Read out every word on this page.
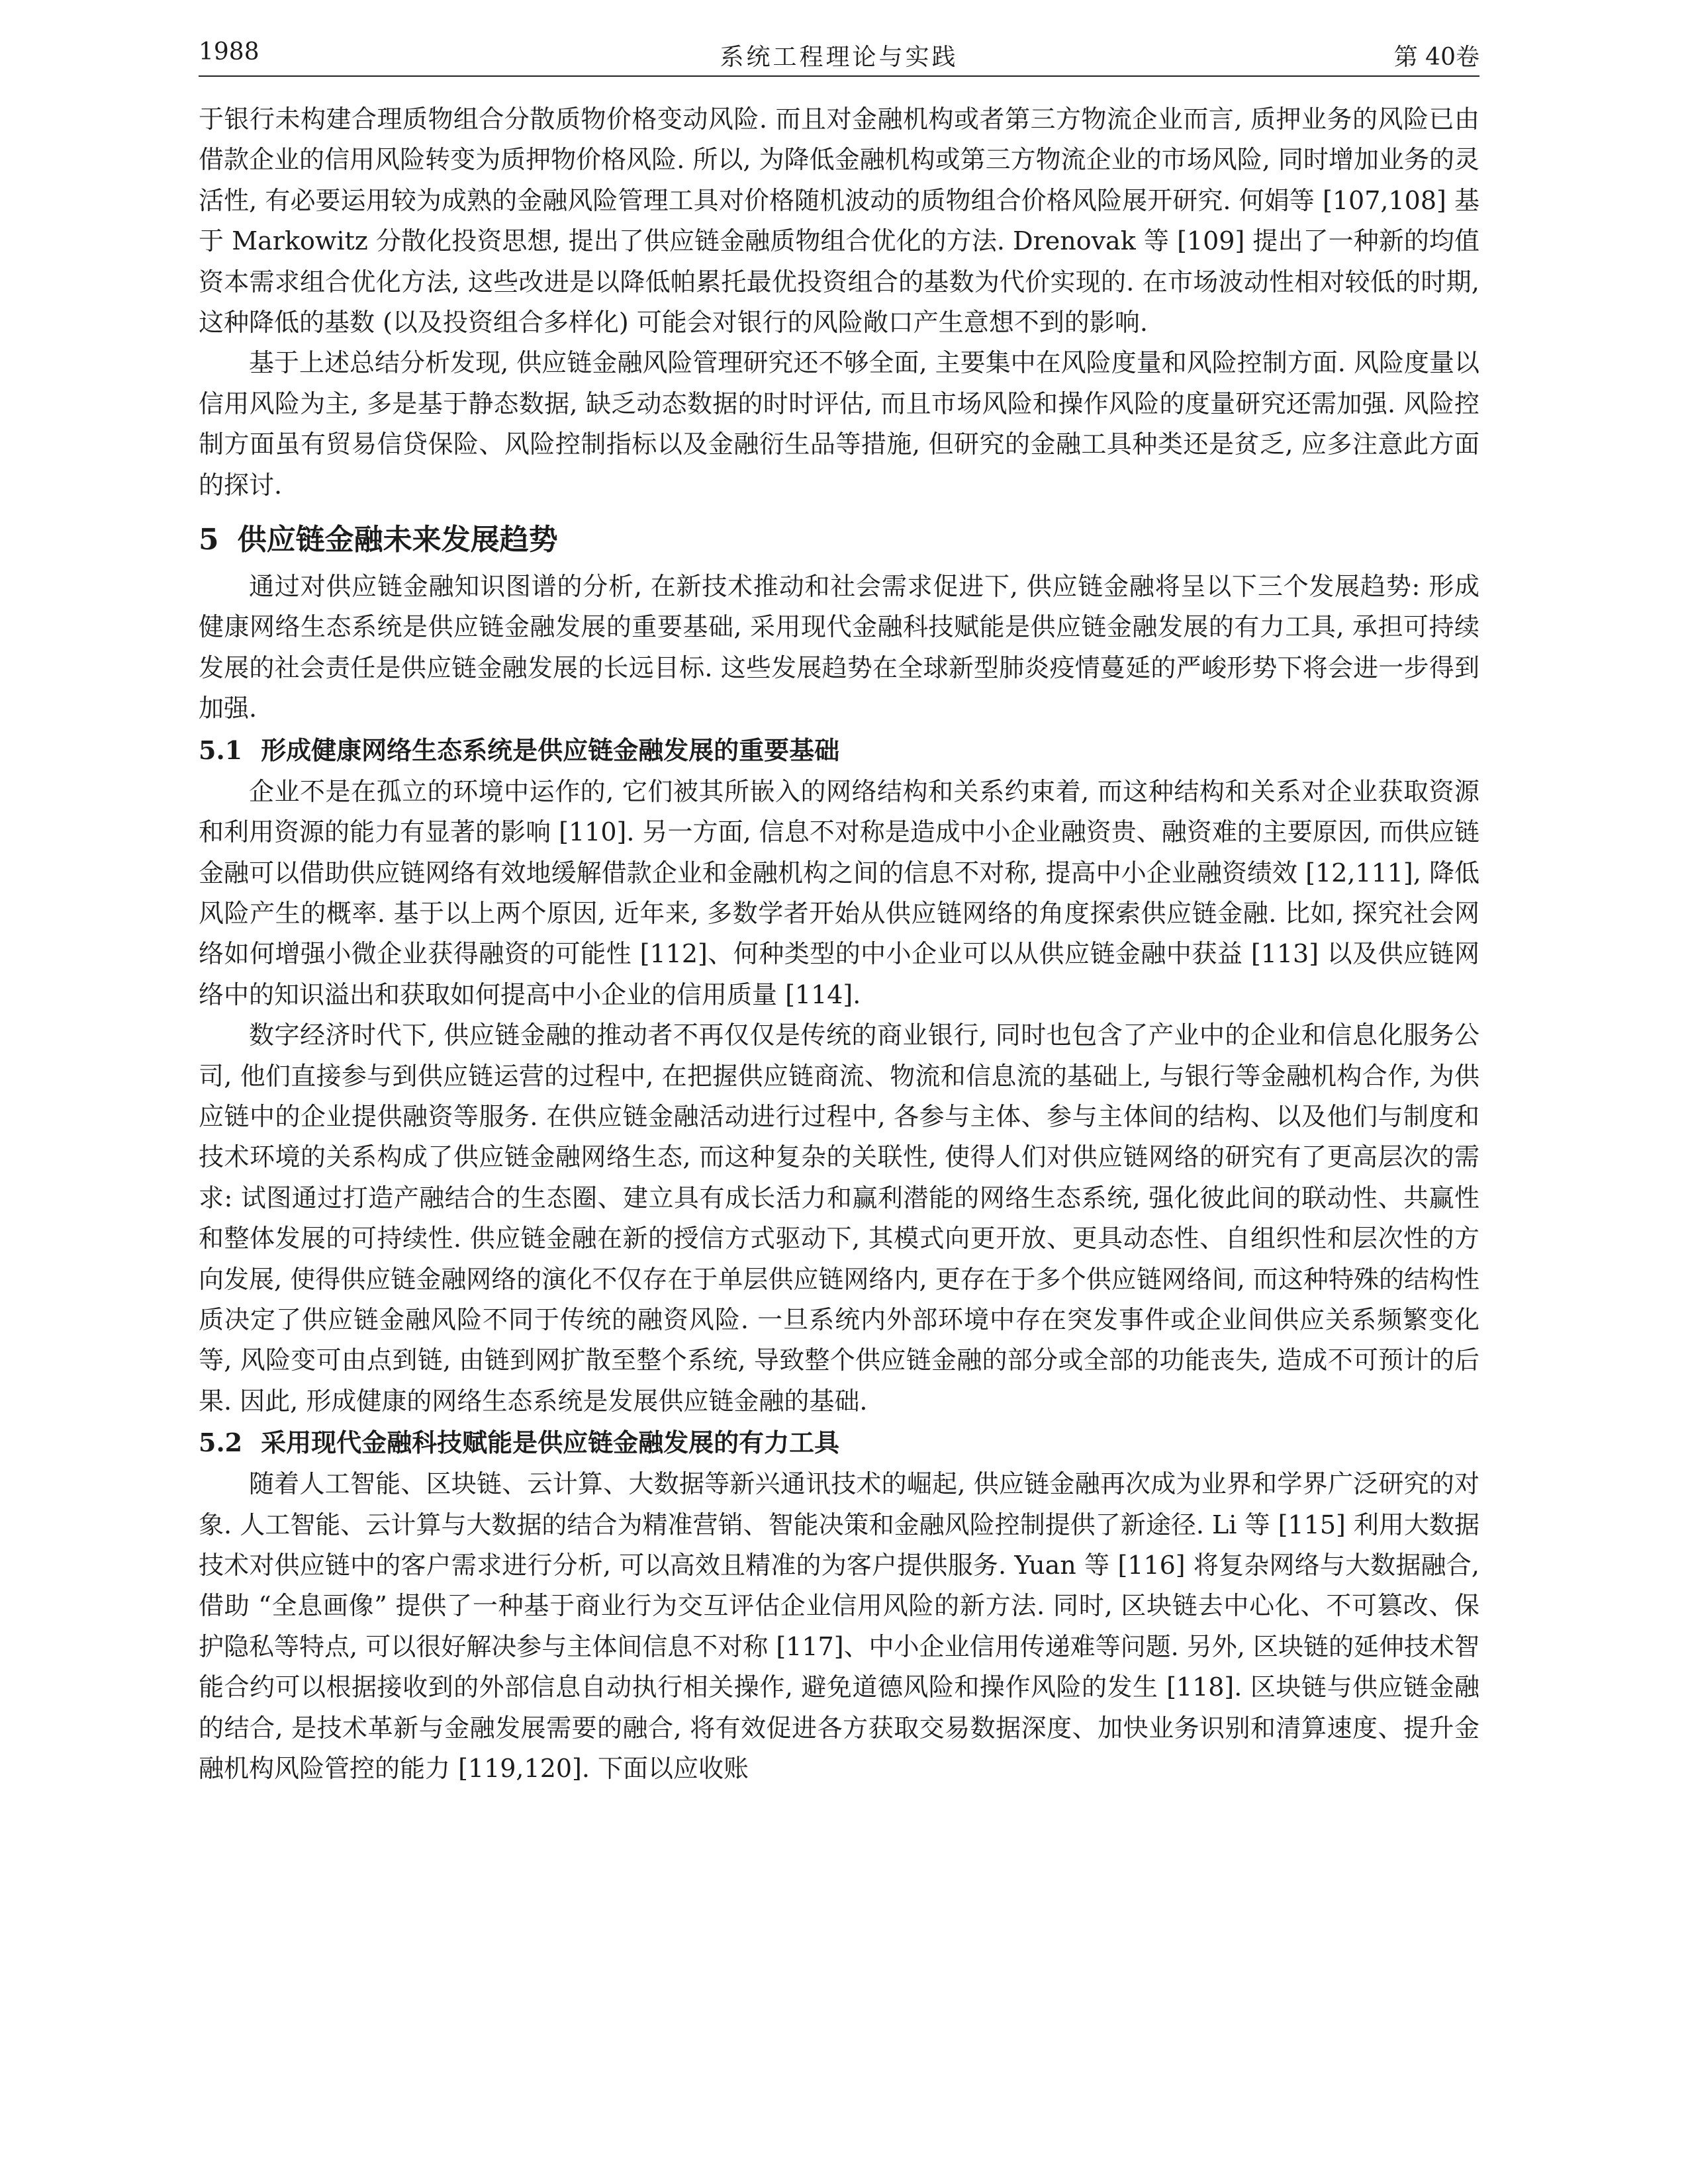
1988	系统工程理论与实践	第 40卷

于银行未构建合理质物组合分散质物价格变动风险. 而且对金融机构或者第三方物流企业而言, 质押业务的风险已由借款企业的信用风险转变为质押物价格风险. 所以, 为降低金融机构或第三方物流企业的市场风险, 同时增加业务的灵活性, 有必要运用较为成熟的金融风险管理工具对价格随机波动的质物组合价格风险展开研究. 何娟等 [107,108] 基于 Markowitz 分散化投资思想, 提出了供应链金融质物组合优化的方法. Drenovak 等 [109] 提出了一种新的均值资本需求组合优化方法, 这些改进是以降低帕累托最优投资组合的基数为代价实现的. 在市场波动性相对较低的时期, 这种降低的基数 (以及投资组合多样化) 可能会对银行的风险敞口产生意想不到的影响.

基于上述总结分析发现, 供应链金融风险管理研究还不够全面, 主要集中在风险度量和风险控制方面. 风险度量以信用风险为主, 多是基于静态数据, 缺乏动态数据的时时评估, 而且市场风险和操作风险的度量研究还需加强. 风险控制方面虽有贸易信贷保险、风险控制指标以及金融衍生品等措施, 但研究的金融工具种类还是贫乏, 应多注意此方面的探讨.

5 供应链金融未来发展趋势

通过对供应链金融知识图谱的分析, 在新技术推动和社会需求促进下, 供应链金融将呈以下三个发展趋势: 形成健康网络生态系统是供应链金融发展的重要基础, 采用现代金融科技赋能是供应链金融发展的有力工具, 承担可持续发展的社会责任是供应链金融发展的长远目标. 这些发展趋势在全球新型肺炎疫情蔓延的严峻形势下将会进一步得到加强.

5.1 形成健康网络生态系统是供应链金融发展的重要基础

企业不是在孤立的环境中运作的, 它们被其所嵌入的网络结构和关系约束着, 而这种结构和关系对企业获取资源和利用资源的能力有显著的影响 [110]. 另一方面, 信息不对称是造成中小企业融资贵、融资难的主要原因, 而供应链金融可以借助供应链网络有效地缓解借款企业和金融机构之间的信息不对称, 提高中小企业融资绩效 [12,111], 降低风险产生的概率. 基于以上两个原因, 近年来, 多数学者开始从供应链网络的角度探索供应链金融. 比如, 探究社会网络如何增强小微企业获得融资的可能性 [112]、何种类型的中小企业可以从供应链金融中获益 [113] 以及供应链网络中的知识溢出和获取如何提高中小企业的信用质量 [114].

数字经济时代下, 供应链金融的推动者不再仅仅是传统的商业银行, 同时也包含了产业中的企业和信息化服务公司, 他们直接参与到供应链运营的过程中, 在把握供应链商流、物流和信息流的基础上, 与银行等金融机构合作, 为供应链中的企业提供融资等服务. 在供应链金融活动进行过程中, 各参与主体、参与主体间的结构、以及他们与制度和技术环境的关系构成了供应链金融网络生态, 而这种复杂的关联性, 使得人们对供应链网络的研究有了更高层次的需求: 试图通过打造产融结合的生态圈、建立具有成长活力和赢利潜能的网络生态系统, 强化彼此间的联动性、共赢性和整体发展的可持续性. 供应链金融在新的授信方式驱动下, 其模式向更开放、更具动态性、自组织性和层次性的方向发展, 使得供应链金融网络的演化不仅存在于单层供应链网络内, 更存在于多个供应链网络间, 而这种特殊的结构性质决定了供应链金融风险不同于传统的融资风险. 一旦系统内外部环境中存在突发事件或企业间供应关系频繁变化等, 风险变可由点到链, 由链到网扩散至整个系统, 导致整个供应链金融的部分或全部的功能丧失, 造成不可预计的后果. 因此, 形成健康的网络生态系统是发展供应链金融的基础.

5.2 采用现代金融科技赋能是供应链金融发展的有力工具

随着人工智能、区块链、云计算、大数据等新兴通讯技术的崛起, 供应链金融再次成为业界和学界广泛研究的对象. 人工智能、云计算与大数据的结合为精准营销、智能决策和金融风险控制提供了新途径. Li 等 [115] 利用大数据技术对供应链中的客户需求进行分析, 可以高效且精准的为客户提供服务. Yuan 等 [116] 将复杂网络与大数据融合, 借助 “全息画像” 提供了一种基于商业行为交互评估企业信用风险的新方法. 同时, 区块链去中心化、不可篡改、保护隐私等特点, 可以很好解决参与主体间信息不对称 [117]、中小企业信用传递难等问题. 另外, 区块链的延伸技术智能合约可以根据接收到的外部信息自动执行相关操作, 避免道德风险和操作风险的发生 [118]. 区块链与供应链金融的结合, 是技术革新与金融发展需要的融合, 将有效促进各方获取交易数据深度、加快业务识别和清算速度、提升金融机构风险管控的能力 [119,120]. 下面以应收账
